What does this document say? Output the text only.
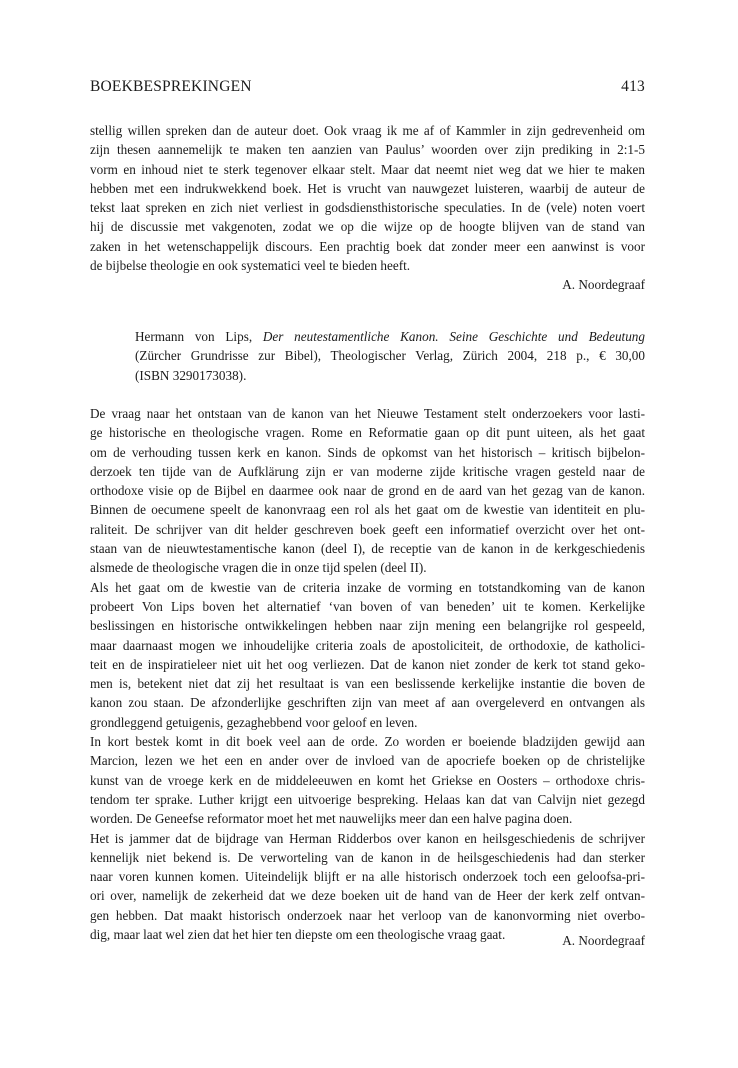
BOEKBESPREKINGEN	413
stellig willen spreken dan de auteur doet. Ook vraag ik me af of Kammler in zijn gedrevenheid om
zijn thesen aannemelijk te maken ten aanzien van Paulus’ woorden over zijn prediking in 2:1-5
vorm en inhoud niet te sterk tegenover elkaar stelt. Maar dat neemt niet weg dat we hier te maken
hebben met een indrukwekkend boek. Het is vrucht van nauwgezet luisteren, waarbij de auteur de
tekst laat spreken en zich niet verliest in godsdiensthistorische speculaties. In de (vele) noten voert
hij de discussie met vakgenoten, zodat we op die wijze op de hoogte blijven van de stand van
zaken in het wetenschappelijk discours. Een prachtig boek dat zonder meer een aanwinst is voor
de bijbelse theologie en ook systematici veel te bieden heeft.
A. Noordegraaf
Hermann von Lips, Der neutestamentliche Kanon. Seine Geschichte und Bedeutung
(Zürcher Grundrisse zur Bibel), Theologischer Verlag, Zürich 2004, 218 p., € 30,00
(ISBN 3290173038).
De vraag naar het ontstaan van de kanon van het Nieuwe Testament stelt onderzoekers voor lasti-
ge historische en theologische vragen. Rome en Reformatie gaan op dit punt uiteen, als het gaat
om de verhouding tussen kerk en kanon. Sinds de opkomst van het historisch – kritisch bijbelon-
derzoek ten tijde van de Aufklärung zijn er van moderne zijde kritische vragen gesteld naar de
orthodoxe visie op de Bijbel en daarmee ook naar de grond en de aard van het gezag van de kanon.
Binnen de oecumene speelt de kanonvraag een rol als het gaat om de kwestie van identiteit en plu-
raliteit. De schrijver van dit helder geschreven boek geeft een informatief overzicht over het ont-
staan van de nieuwtestamentische kanon (deel I), de receptie van de kanon in de kerkgeschiedenis
alsmede de theologische vragen die in onze tijd spelen (deel II).
Als het gaat om de kwestie van de criteria inzake de vorming en totstandkoming van de kanon
probeert Von Lips boven het alternatief ‘van boven of van beneden’ uit te komen. Kerkelijke
beslissingen en historische ontwikkelingen hebben naar zijn mening een belangrijke rol gespeeld,
maar daarnaast mogen we inhoudelijke criteria zoals de apostoliciteit, de orthodoxie, de katholici-
teit en de inspiratieleer niet uit het oog verliezen. Dat de kanon niet zonder de kerk tot stand geko-
men is, betekent niet dat zij het resultaat is van een beslissende kerkelijke instantie die boven de
kanon zou staan. De afzonderlijke geschriften zijn van meet af aan overgeleverd en ontvangen als
grondleggend getuigenis, gezaghebbend voor geloof en leven.
In kort bestek komt in dit boek veel aan de orde. Zo worden er boeiende bladzijden gewijd aan
Marcion, lezen we het een en ander over de invloed van de apocriefe boeken op de christelijke
kunst van de vroege kerk en de middeleeuwen en komt het Griekse en Oosters – orthodoxe chris-
tendom ter sprake. Luther krijgt een uitvoerige bespreking. Helaas kan dat van Calvijn niet gezegd
worden. De Geneefse reformator moet het met nauwelijks meer dan een halve pagina doen.
Het is jammer dat de bijdrage van Herman Ridderbos over kanon en heilsgeschiedenis de schrijver
kennelijk niet bekend is. De verworteling van de kanon in de heilsgeschiedenis had dan sterker
naar voren kunnen komen. Uiteindelijk blijft er na alle historisch onderzoek toch een geloofsa-pri-
ori over, namelijk de zekerheid dat we deze boeken uit de hand van de Heer der kerk zelf ontvan-
gen hebben. Dat maakt historisch onderzoek naar het verloop van de kanonvorming niet overbo-
dig, maar laat wel zien dat het hier ten diepste om een theologische vraag gaat.	A. Noordegraaf
